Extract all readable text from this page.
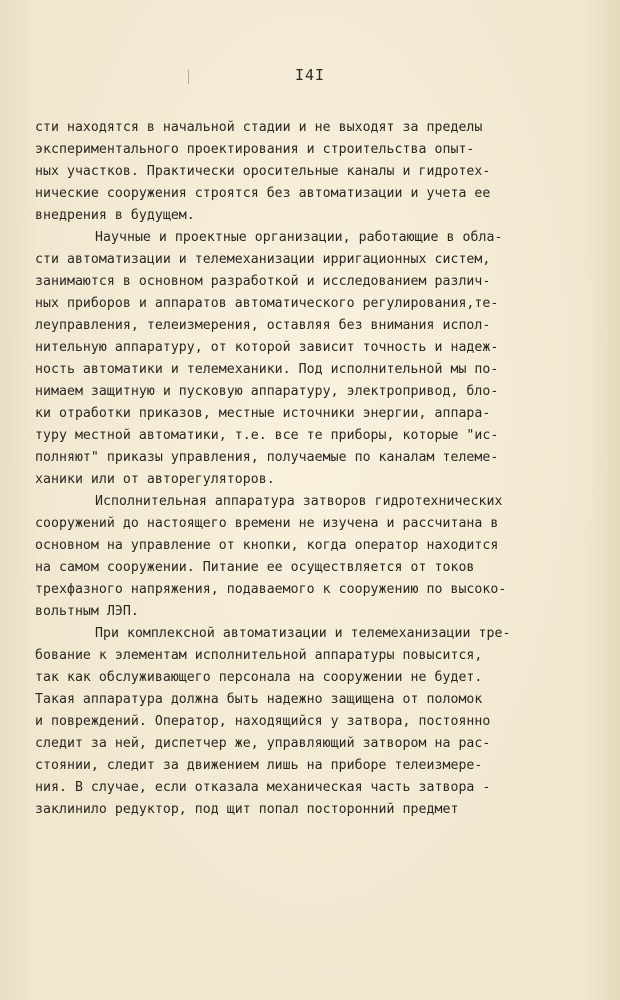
I4I
сти находятся в начальной стадии и не выходят за пределы
экспериментального проектирования и строительства опыт-
ных участков. Практически оросительные каналы и гидротех-
нические сооружения строятся без автоматизации и учета ее
внедрения в будущем.
Научные и проектные организации, работающие в обла-
сти автоматизации и телемеханизации ирригационных систем,
занимаются в основном разработкой и исследованием различ-
ных приборов и аппаратов автоматического регулирования,те-
леуправления, телеизмерения, оставляя без внимания испол-
нительную аппаратуру, от которой зависит точность и надеж-
ность автоматики и телемеханики. Под исполнительной мы по-
нимаем защитную и пусковую аппаратуру, электропривод, бло-
ки отработки приказов, местные источники энергии, аппара-
туру местной автоматики, т.е. все те приборы, которые "ис-
полняют" приказы управления, получаемые по каналам телеме-
ханики или от авторегуляторов.
Исполнительная аппаратура затворов гидротехнических
сооружений до настоящего времени не изучена и рассчитана в
основном на управление от кнопки, когда оператор находится
на самом сооружении. Питание ее осуществляется от токов
трехфазного напряжения, подаваемого к сооружению по высоко-
вольтным ЛЭП.
При комплексной автоматизации и телемеханизации тре-
бование к элементам исполнительной аппаратуры повысится,
так как обслуживающего персонала на сооружении не будет.
Такая аппаратура должна быть надежно защищена от поломок
и повреждений. Оператор, находящийся у затвора, постоянно
следит за ней, диспетчер же, управляющий затвором на рас-
стоянии, следит за движением лишь на приборе телеизмере-
ния. В случае, если отказала механическая часть затвора -
заклинило редуктор, под щит попал посторонний предмет
